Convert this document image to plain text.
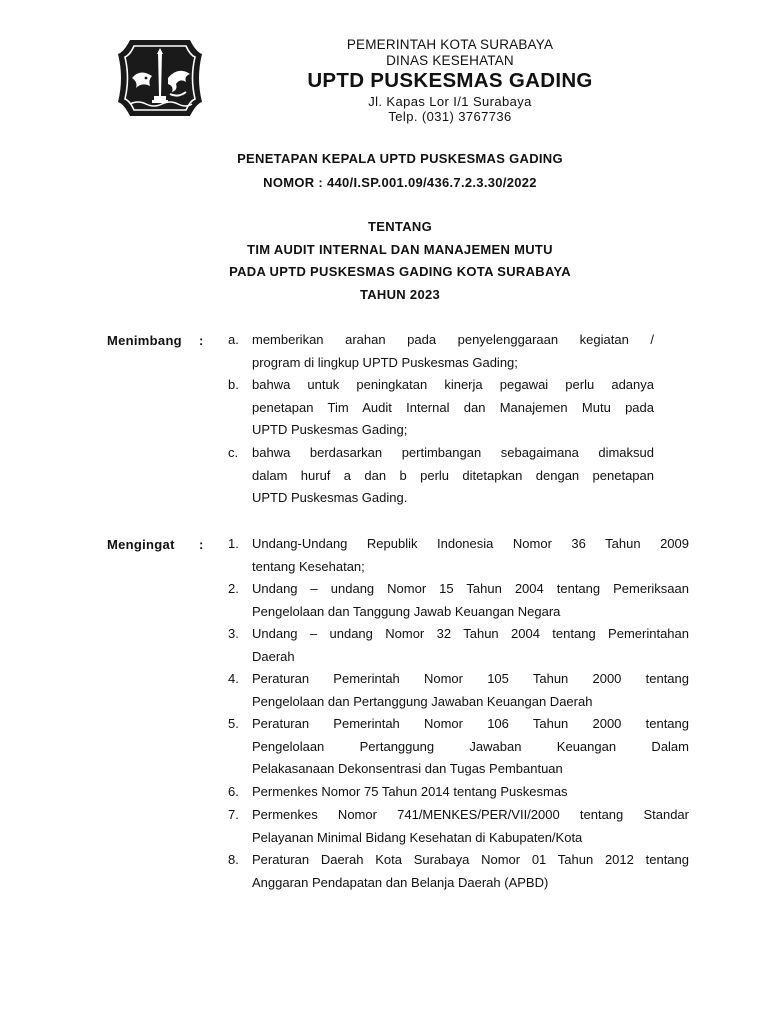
PEMERINTAH KOTA SURABAYA
DINAS KESEHATAN
UPTD PUSKESMAS GADING
Jl. Kapas Lor I/1 Surabaya
Telp. (031) 3767736
PENETAPAN KEPALA UPTD PUSKESMAS GADING
NOMOR : 440/I.SP.001.09/436.7.2.3.30/2022
TENTANG
TIM AUDIT INTERNAL DAN MANAJEMEN MUTU
PADA UPTD PUSKESMAS GADING KOTA SURABAYA
TAHUN 2023
Menimbang : a. memberikan arahan pada penyelenggaraan kegiatan /
program di lingkup UPTD Puskesmas Gading;
b. bahwa untuk peningkatan kinerja pegawai perlu adanya
penetapan Tim Audit Internal dan Manajemen Mutu pada
UPTD Puskesmas Gading;
c. bahwa berdasarkan pertimbangan sebagaimana dimaksud
dalam huruf a dan b perlu ditetapkan dengan penetapan
UPTD Puskesmas Gading.
Mengingat : 1. Undang-Undang Republik Indonesia Nomor 36 Tahun 2009
tentang Kesehatan;
2. Undang – undang Nomor 15 Tahun 2004 tentang Pemeriksaan
Pengelolaan dan Tanggung Jawab Keuangan Negara
3. Undang – undang Nomor 32 Tahun 2004 tentang Pemerintahan
Daerah
4. Peraturan Pemerintah Nomor 105 Tahun 2000 tentang
Pengelolaan dan Pertanggung Jawaban Keuangan Daerah
5. Peraturan Pemerintah Nomor 106 Tahun 2000 tentang
Pengelolaan Pertanggung Jawaban Keuangan Dalam
Pelakasanaan Dekonsentrasi dan Tugas Pembantuan
6. Permenkes Nomor 75 Tahun 2014 tentang Puskesmas
7. Permenkes Nomor 741/MENKES/PER/VII/2000 tentang Standar
Pelayanan Minimal Bidang Kesehatan di Kabupaten/Kota
8. Peraturan Daerah Kota Surabaya Nomor 01 Tahun 2012 tentang
Anggaran Pendapatan dan Belanja Daerah (APBD)
